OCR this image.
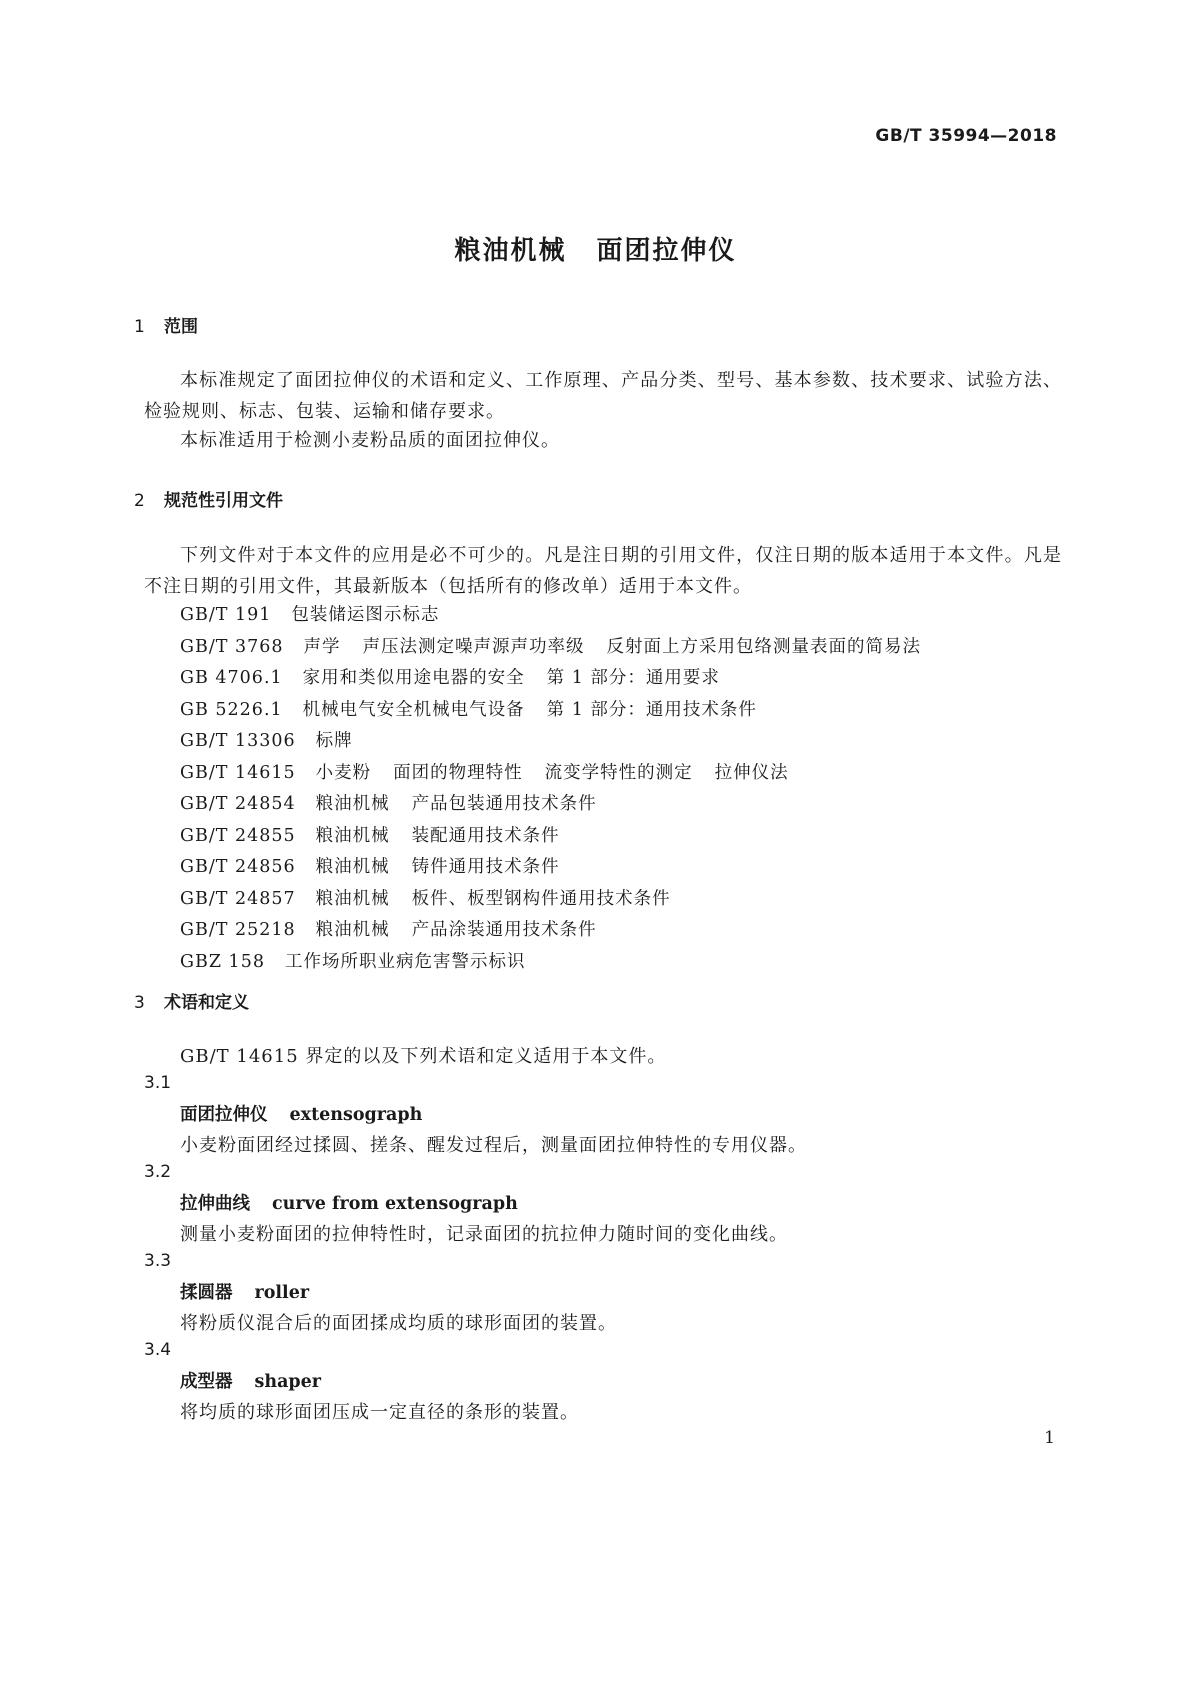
GB/T 35994—2018
粮油机械 面团拉伸仪
1 范围

本标准规定了面团拉伸仪的术语和定义、工作原理、产品分类、型号、基本参数、技术要求、试验方法、检验规则、标志、包装、运输和储存要求。

本标准适用于检测小麦粉品质的面团拉伸仪。

2 规范性引用文件

下列文件对于本文件的应用是必不可少的。凡是注日期的引用文件，仅注日期的版本适用于本文件。凡是不注日期的引用文件，其最新版本（包括所有的修改单）适用于本文件。

GB/T 191 包装储运图示标志
GB/T 3768 声学 声压法测定噪声源声功率级 反射面上方采用包络测量表面的简易法
GB 4706.1 家用和类似用途电器的安全 第 1 部分：通用要求
GB 5226.1 机械电气安全机械电气设备 第 1 部分：通用技术条件
GB/T 13306 标牌
GB/T 14615 小麦粉 面团的物理特性 流变学特性的测定 拉伸仪法
GB/T 24854 粮油机械 产品包装通用技术条件
GB/T 24855 粮油机械 装配通用技术条件
GB/T 24856 粮油机械 铸件通用技术条件
GB/T 24857 粮油机械 板件、板型钢构件通用技术条件
GB/T 25218 粮油机械 产品涂装通用技术条件
GBZ 158 工作场所职业病危害警示标识
3 术语和定义

GB/T 14615 界定的以及下列术语和定义适用于本文件。

3.1

面团拉伸仪 extensograph

小麦粉面团经过揉圆、搓条、醒发过程后，测量面团拉伸特性的专用仪器。

3.2

拉伸曲线 curve from extensograph

测量小麦粉面团的拉伸特性时，记录面团的抗拉伸力随时间的变化曲线。

3.3

揉圆器 roller

将粉质仪混合后的面团揉成均质的球形面团的装置。

3.4

成型器 shaper

将均质的球形面团压成一定直径的条形的装置。

1
